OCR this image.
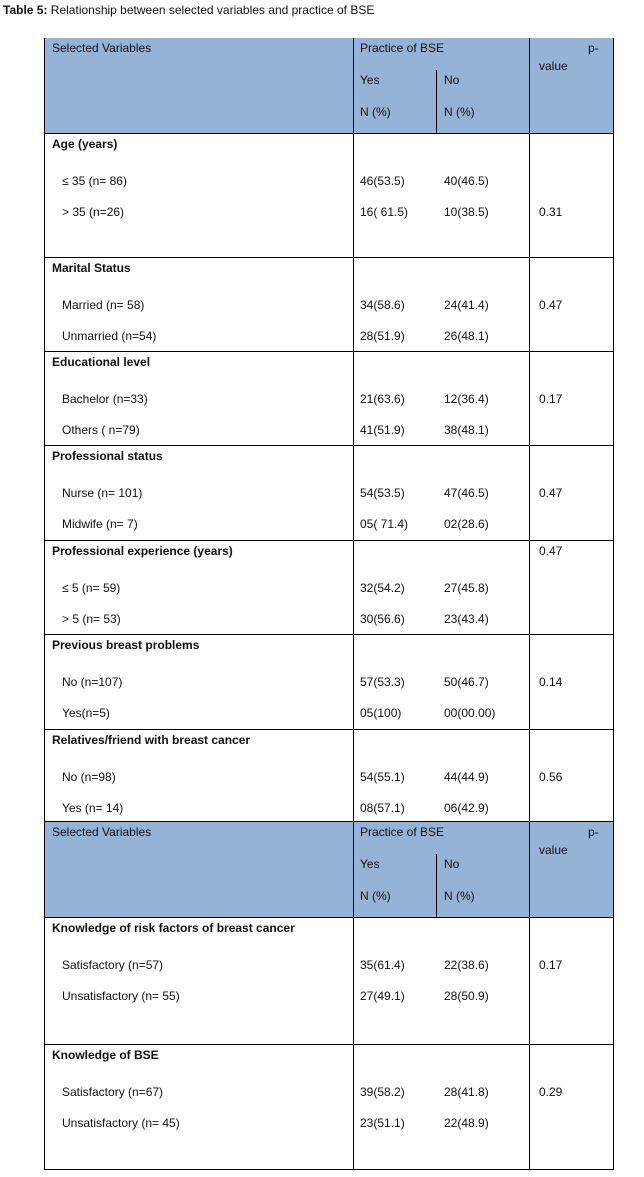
Table 5: Relationship between selected variables and practice of BSE
Selected Variables	Practice of BSE	p-
value
Yes	No
N (%)	N (%)
Age (years)
≤ 35 (n= 86)	46(53.5)	40(46.5)
> 35 (n=26)	16( 61.5)	10(38.5)	0.31
Marital Status
Married (n= 58)	34(58.6)	24(41.4)	0.47
Unmarried (n=54)	28(51.9)	26(48.1)
Educational level
Bachelor (n=33)	21(63.6)	12(36.4)	0.17
Others ( n=79)	41(51.9)	38(48.1)
Professional status
Nurse (n= 101)	54(53.5)	47(46.5)	0.47
Midwife (n= 7)	05( 71.4)	02(28.6)
Professional experience (years)	0.47
≤ 5 (n= 59)	32(54.2)	27(45.8)
> 5 (n= 53)	30(56.6)	23(43.4)
Previous breast problems
No (n=107)	57(53.3)	50(46.7)	0.14
Yes(n=5)	05(100)	00(00.00)
Relatives/friend with breast cancer
No (n=98)	54(55.1)	44(44.9)	0.56
Yes (n= 14)	08(57.1)	06(42.9)
Selected Variables	Practice of BSE	p-
value
Yes	No
N (%)	N (%)
Knowledge of risk factors of breast cancer
Satisfactory (n=57)	35(61.4)	22(38.6)	0.17
Unsatisfactory (n= 55)	27(49.1)	28(50.9)
Knowledge of BSE
Satisfactory (n=67)	39(58.2)	28(41.8)	0.29
Unsatisfactory (n= 45)	23(51.1)	22(48.9)
